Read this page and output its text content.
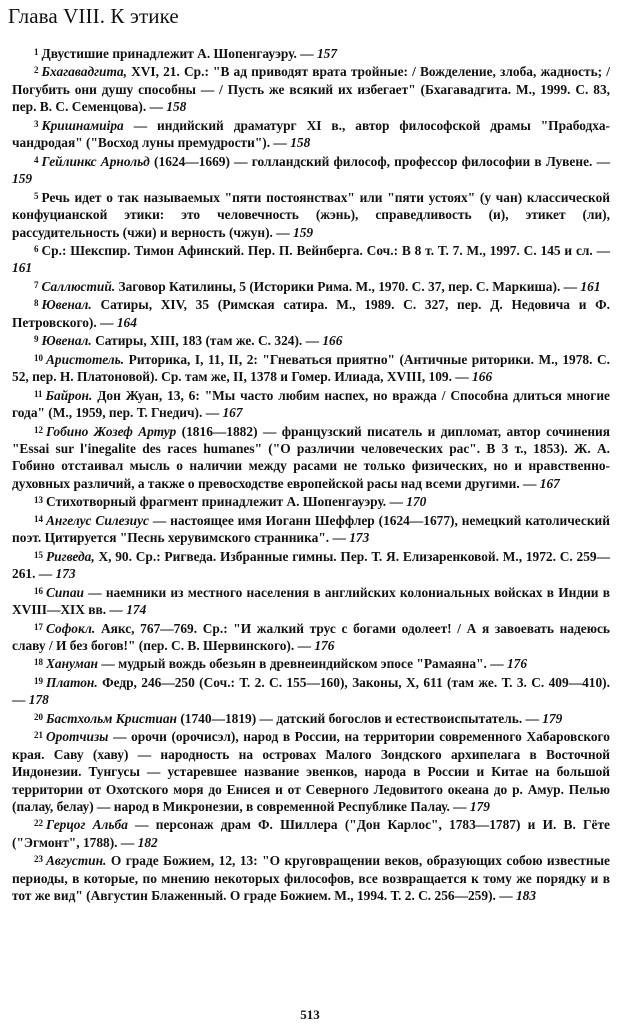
Глава VIII. К этике

$^1$ Двустишие принадлежит А. Шопенгауэру. — 157

$^2$ Бхагавадгита, XVI, 21. Ср.: "В ад приводят врата тройные: / Вожделение, злоба, жадность; / Погубить они душу способны — / Пусть же всякий их избегает" (Бхагавадгита. М., 1999. С. 83, пер. В. С. Семенцова). — 158

$^3$ Кришнамиipa — индийский драматург XI в., автор философской драмы "Прабодха-чандродая" ("Восход луны премудрости"). — 158

$^4$ Гейлинкс Арнольд (1624—1669) — голландский философ, профессор философии в Лувене. — 159

$^5$ Речь идет о так называемых "пяти постоянствах" или "пяти устоях" (у чан) классической конфуцианской этики: это человечность (жэнь), справедливость (и), этикет (ли), рассудительность (чжи) и верность (чжун). — 159

$^6$ Ср.: Шекспир. Тимон Афинский. Пер. П. Вейнберга. Соч.: В 8 т. Т. 7. М., 1997. С. 145 и сл. — 161

$^7$ Саллюстий. Заговор Катилины, 5 (Историки Рима. М., 1970. С. 37, пер. С. Маркиша). — 161

$^8$ Ювенал. Сатиры, XIV, 35 (Римская сатира. М., 1989. С. 327, пер. Д. Недовича и Ф. Петровского). — 164

$^9$ Ювенал. Сатиры, XIII, 183 (там же. С. 324). — 166

$^{10}$ Аристотель. Риторика, I, 11, II, 2: "Гневаться приятно" (Античные риторики. М., 1978. С. 52, пер. Н. Платоновой). Ср. там же, II, 1378 и Гомер. Илиада, XVIII, 109. — 166

$^{11}$ Байрон. Дон Жуан, 13, 6: "Мы часто любим наспех, но вражда / Способна длиться многие года" (М., 1959, пер. Т. Гнедич). — 167

$^{12}$ Гобино Жозеф Артур (1816—1882) — французский писатель и дипломат, автор сочинения "Essai sur l'inegalite des races humanes" ("О различии человеческих рас". В 3 т., 1853). Ж. А. Гобино отстаивал мысль о наличии между расами не только физических, но и нравственно-духовных различий, а также о превосходстве европейской расы над всеми другими. — 167

$^{13}$ Стихотворный фрагмент принадлежит А. Шопенгауэру. — 170

$^{14}$ Ангелус Силезиус — настоящее имя Иоганн Шеффлер (1624—1677), немецкий католический поэт. Цитируется "Песнь херувимского странника". — 173

$^{15}$ Ригведа, X, 90. Ср.: Ригведа. Избранные гимны. Пер. Т. Я. Елизаренковой. М., 1972. С. 259—261. — 173

$^{16}$ Сипаи — наемники из местного населения в английских колониальных войсках в Индии в XVIII—XIX вв. — 174

$^{17}$ Софокл. Аякс, 767—769. Ср.: "И жалкий трус с богами одолеет! / А я завоевать надеюсь славу / И без богов!" (пер. С. В. Шервинского). — 176

$^{18}$ Хануман — мудрый вождь обезьян в древнеиндийском эпосе "Рамаяна". — 176

$^{19}$ Платон. Федр, 246—250 (Соч.: Т. 2. С. 155—160), Законы, X, 611 (там же. Т. 3. С. 409—410). — 178

$^{20}$ Бастхольм Кристиан (1740—1819) — датский богослов и естествоиспытатель. — 179

$^{21}$ Оротчизы — орочи (орочисэл), народ в России, на территории современного Хабаровского края. Саву (хаву) — народность на островах Малого Зондского архипелага в Восточной Индонезии. Тунгусы — устаревшее название эвенков, народа в России и Китае на большой территории от Охотского моря до Енисея и от Северного Ледовитого океана до р. Амур. Пелью (палау, белау) — народ в Микронезии, в современной Республике Палау. — 179

$^{22}$ Герцог Альба — персонаж драм Ф. Шиллера ("Дон Карлос", 1783—1787) и И. В. Гёте ("Эгмонт", 1788). — 182

$^{23}$ Августин. О граде Божием, 12, 13: "О круговращении веков, образующих собою известные периоды, в которые, по мнению некоторых философов, все возвращается к тому же порядку и в тот же вид" (Августин Блаженный. О граде Божием. М., 1994. Т. 2. С. 256—259). — 183

513
